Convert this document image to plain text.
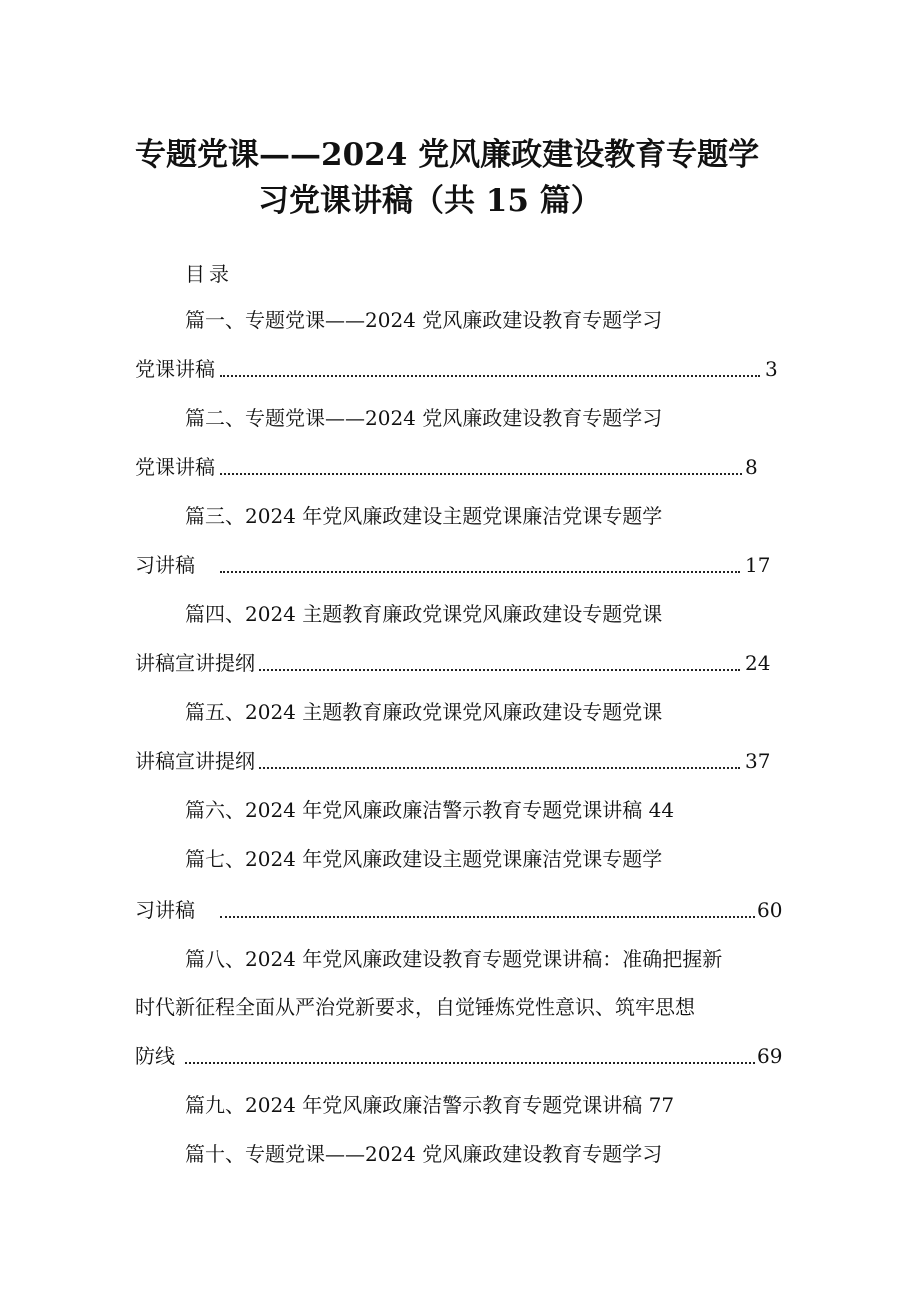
专题党课——2024 党风廉政建设教育专题学
习党课讲稿（共 15 篇）
目录
篇一、专题党课——2024 党风廉政建设教育专题学习
党课讲稿	3
篇二、专题党课——2024 党风廉政建设教育专题学习
党课讲稿	8
篇三、2024 年党风廉政建设主题党课廉洁党课专题学
习讲稿	17
篇四、2024 主题教育廉政党课党风廉政建设专题党课
讲稿宣讲提纲	24
篇五、2024 主题教育廉政党课党风廉政建设专题党课
讲稿宣讲提纲	37
篇六、2024 年党风廉政廉洁警示教育专题党课讲稿 44
篇七、2024 年党风廉政建设主题党课廉洁党课专题学
习讲稿	60
篇八、2024 年党风廉政建设教育专题党课讲稿：准确把握新
时代新征程全面从严治党新要求，自觉锤炼党性意识、筑牢思想
防线	69
篇九、2024 年党风廉政廉洁警示教育专题党课讲稿 77
篇十、专题党课——2024 党风廉政建设教育专题学习
